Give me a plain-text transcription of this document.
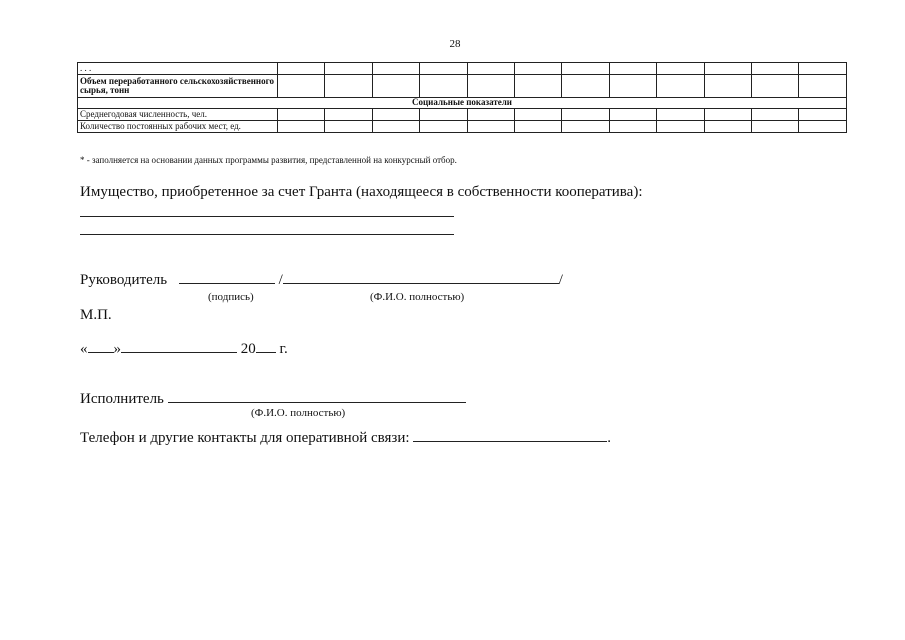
28
. . .												
Объем переработанного сельскохозяйственного сырья, тонн												
Социальные показатели												
Среднегодовая численность, чел.												
Количество постоянных рабочих мест, ед.												
* - заполняется на основании данных программы развития, представленной на конкурсный отбор.
Имущество, приобретенное за счет Гранта (находящееся в собственности кооператива):
Руководитель	/	/
(подпись)	(Ф.И.О. полностью)
М.П.
« »	20 г.
Исполнитель
(Ф.И.О. полностью)
Телефон и другие контакты для оперативной связи:	.
